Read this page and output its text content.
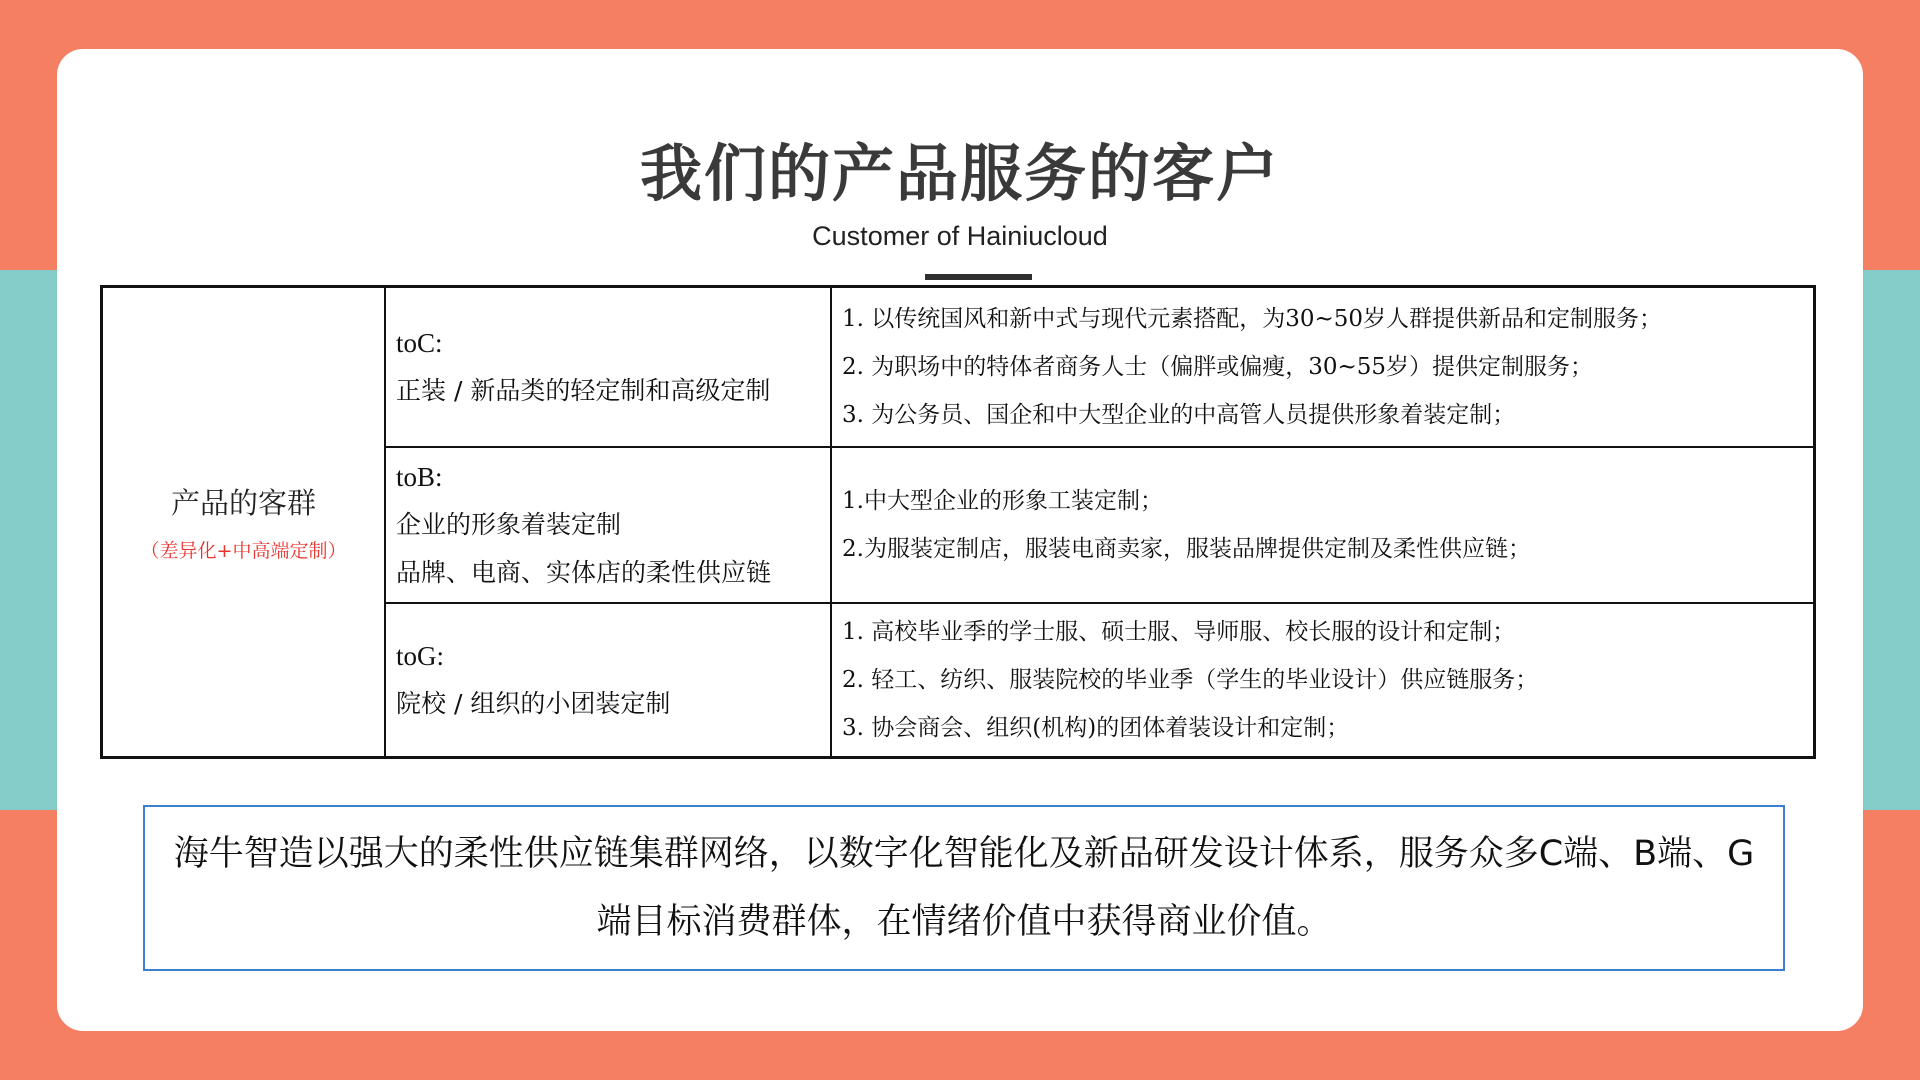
我们的产品服务的客户
Customer of Hainiucloud
产品的客群
（差异化+中高端定制）
toC:
正装 / 新品类的轻定制和高级定制
1. 以传统国风和新中式与现代元素搭配，为30~50岁人群提供新品和定制服务；
2. 为职场中的特体者商务人士（偏胖或偏瘦，30~55岁）提供定制服务；
3. 为公务员、国企和中大型企业的中高管人员提供形象着装定制；
toB:
企业的形象着装定制
品牌、电商、实体店的柔性供应链
1.中大型企业的形象工装定制；
2.为服装定制店，服装电商卖家，服装品牌提供定制及柔性供应链；
toG:
院校 / 组织的小团装定制
1. 高校毕业季的学士服、硕士服、导师服、校长服的设计和定制；
2. 轻工、纺织、服装院校的毕业季（学生的毕业设计）供应链服务；
3. 协会商会、组织(机构)的团体着装设计和定制；
海牛智造以强大的柔性供应链集群网络，以数字化智能化及新品研发设计体系，服务众多C端、B端、G端目标消费群体，在情绪价值中获得商业价值。
